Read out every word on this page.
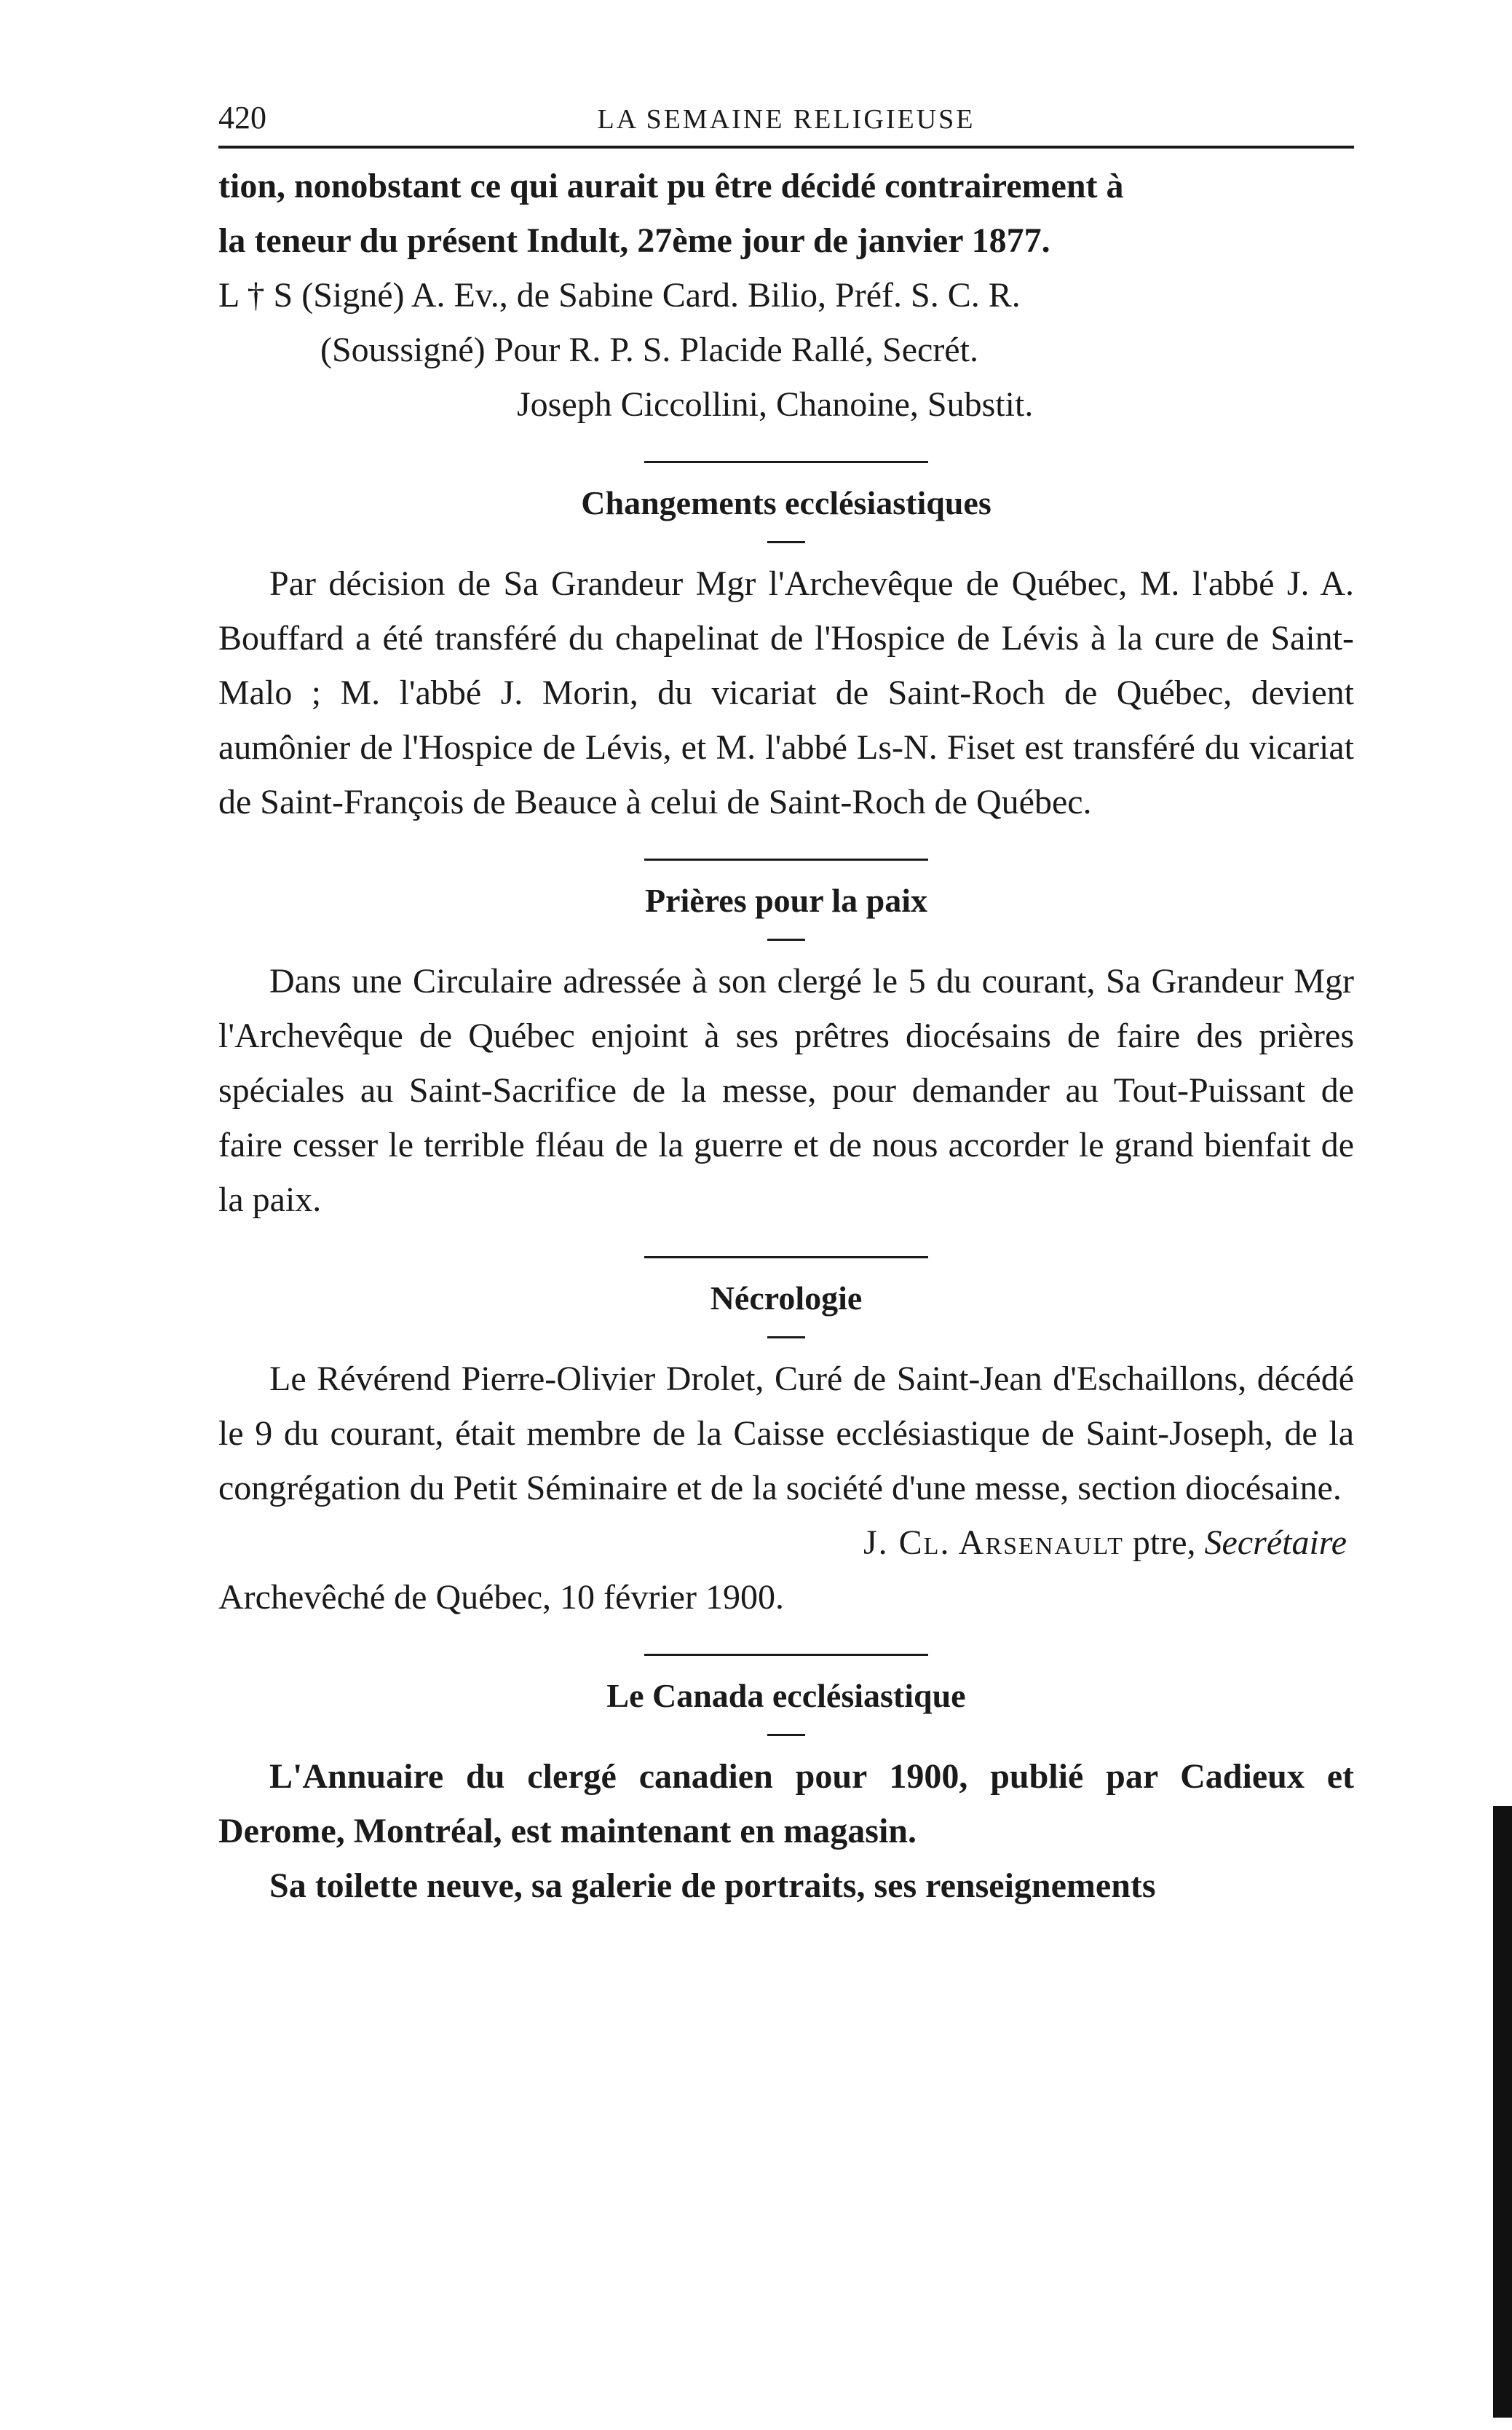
420	LA SEMAINE RELIGIEUSE
tion, nonobstant ce qui aurait pu être décidé contrairement à
la teneur du présent Indult, 27ème jour de janvier 1877.
L † S (Signé) A. Ev., de Sabine Card. Bilio, Préf. S. C. R.
(Soussigné) Pour R. P. S. Placide Rallé, Secrét.
Joseph Ciccollini, Chanoine, Substit.
Changements ecclésiastiques

Par décision de Sa Grandeur Mgr l'Archevêque de Québec, M. l'abbé J. A. Bouffard a été transféré du chapelinat de l'Hospice de Lévis à la cure de Saint-Malo ; M. l'abbé J. Morin, du vicariat de Saint-Roch de Québec, devient aumônier de l'Hospice de Lévis, et M. l'abbé Ls-N. Fiset est transféré du vicariat de Saint-François de Beauce à celui de Saint-Roch de Québec.

Prières pour la paix

Dans une Circulaire adressée à son clergé le 5 du courant, Sa Grandeur Mgr l'Archevêque de Québec enjoint à ses prêtres diocésains de faire des prières spéciales au Saint-Sacrifice de la messe, pour demander au Tout-Puissant de faire cesser le terrible fléau de la guerre et de nous accorder le grand bienfait de la paix.

Nécrologie

Le Révérend Pierre-Olivier Drolet, Curé de Saint-Jean d'Eschaillons, décédé le 9 du courant, était membre de la Caisse ecclésiastique de Saint-Joseph, de la congrégation du Petit Séminaire et de la société d'une messe, section diocésaine.

J. Cl. Arsenault ptre, Secrétaire
Archevêché de Québec, 10 février 1900.
Le Canada ecclésiastique

L'Annuaire du clergé canadien pour 1900, publié par Cadieux et Derome, Montréal, est maintenant en magasin.

Sa toilette neuve, sa galerie de portraits, ses renseignements
